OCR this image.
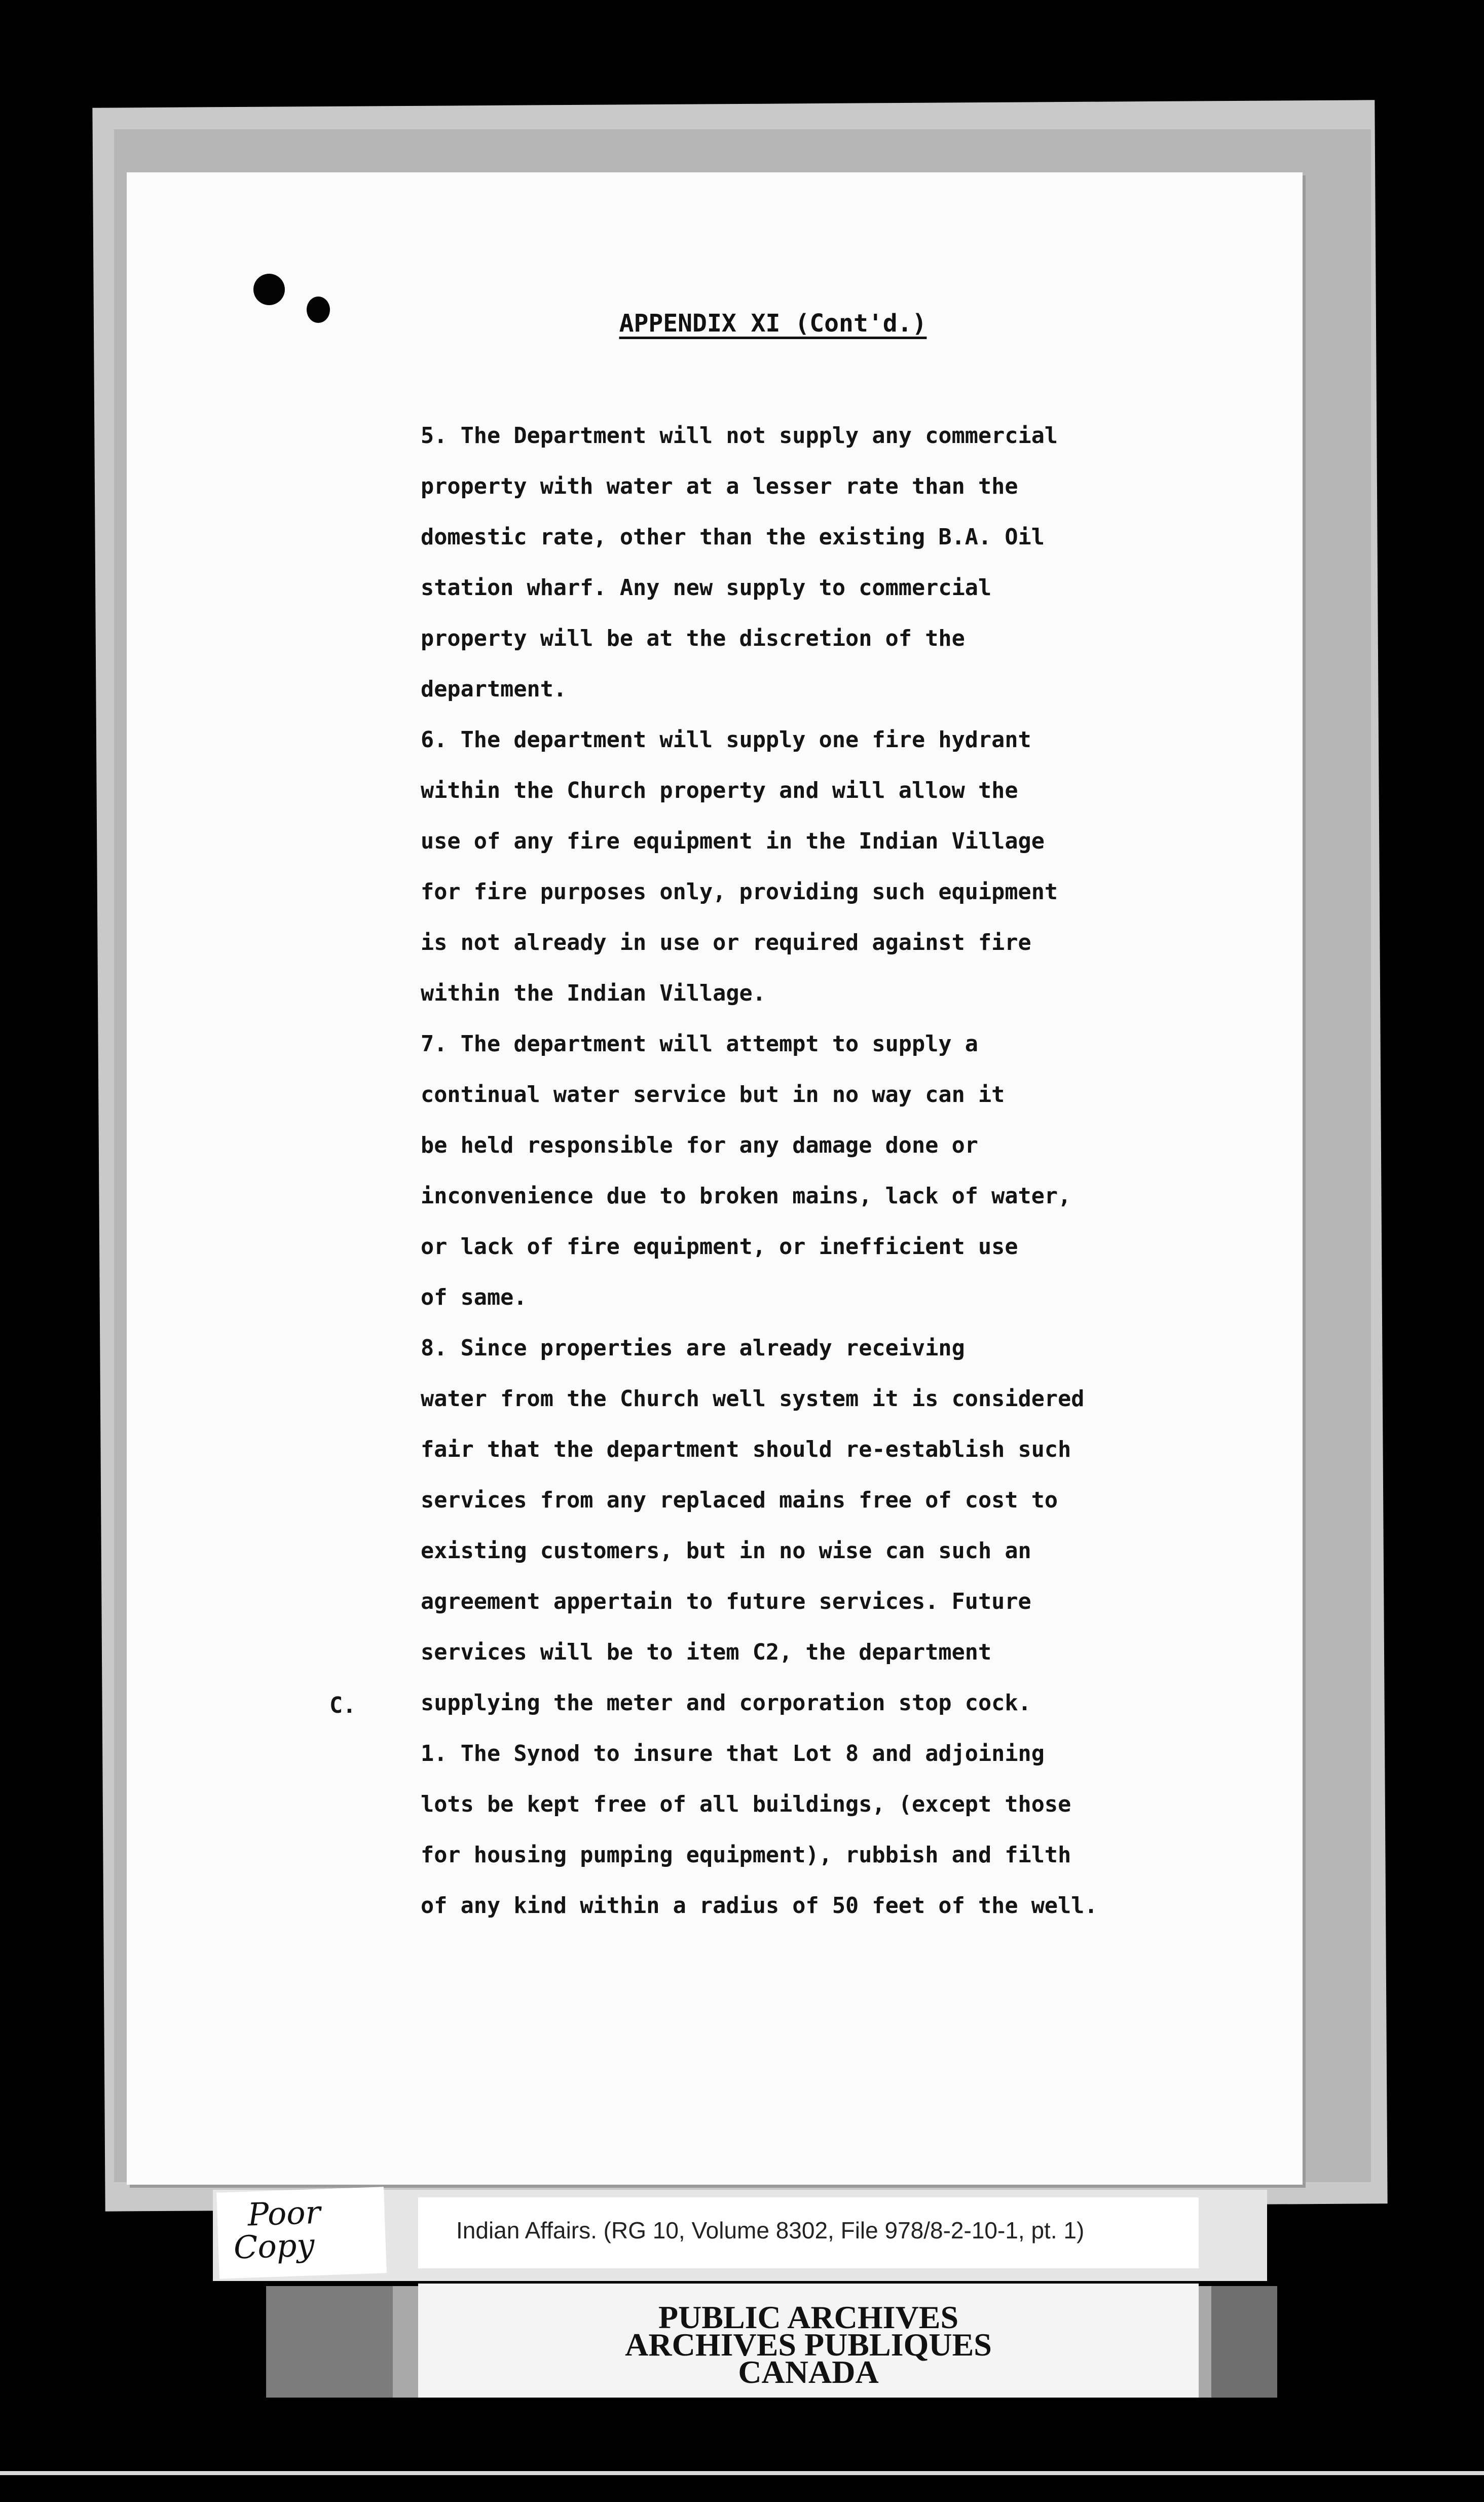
APPENDIX XI (Cont'd.)
5. The Department will not supply any commercial
property with water at a lesser rate than the
domestic rate, other than the existing B.A. Oil
station wharf. Any new supply to commercial
property will be at the discretion of the
department.
6. The department will supply one fire hydrant
within the Church property and will allow the
use of any fire equipment in the Indian Village
for fire purposes only, providing such equipment
is not already in use or required against fire
within the Indian Village.
7. The department will attempt to supply a
continual water service but in no way can it
be held responsible for any damage done or
inconvenience due to broken mains, lack of water,
or lack of fire equipment, or inefficient use
of same.
8. Since properties are already receiving
water from the Church well system it is considered
fair that the department should re-establish such
services from any replaced mains free of cost to
existing customers, but in no wise can such an
agreement appertain to future services. Future
services will be to item C2, the department
supplying the meter and corporation stop cock.
1. The Synod to insure that Lot 8 and adjoining
lots be kept free of all buildings, (except those
for housing pumping equipment), rubbish and filth
of any kind within a radius of 50 feet of the well.
C.
Poor
Copy	Indian Affairs. (RG 10, Volume 8302, File 978/8-2-10-1, pt. 1)
PUBLIC ARCHIVES
ARCHIVES PUBLIQUES
CANADA
